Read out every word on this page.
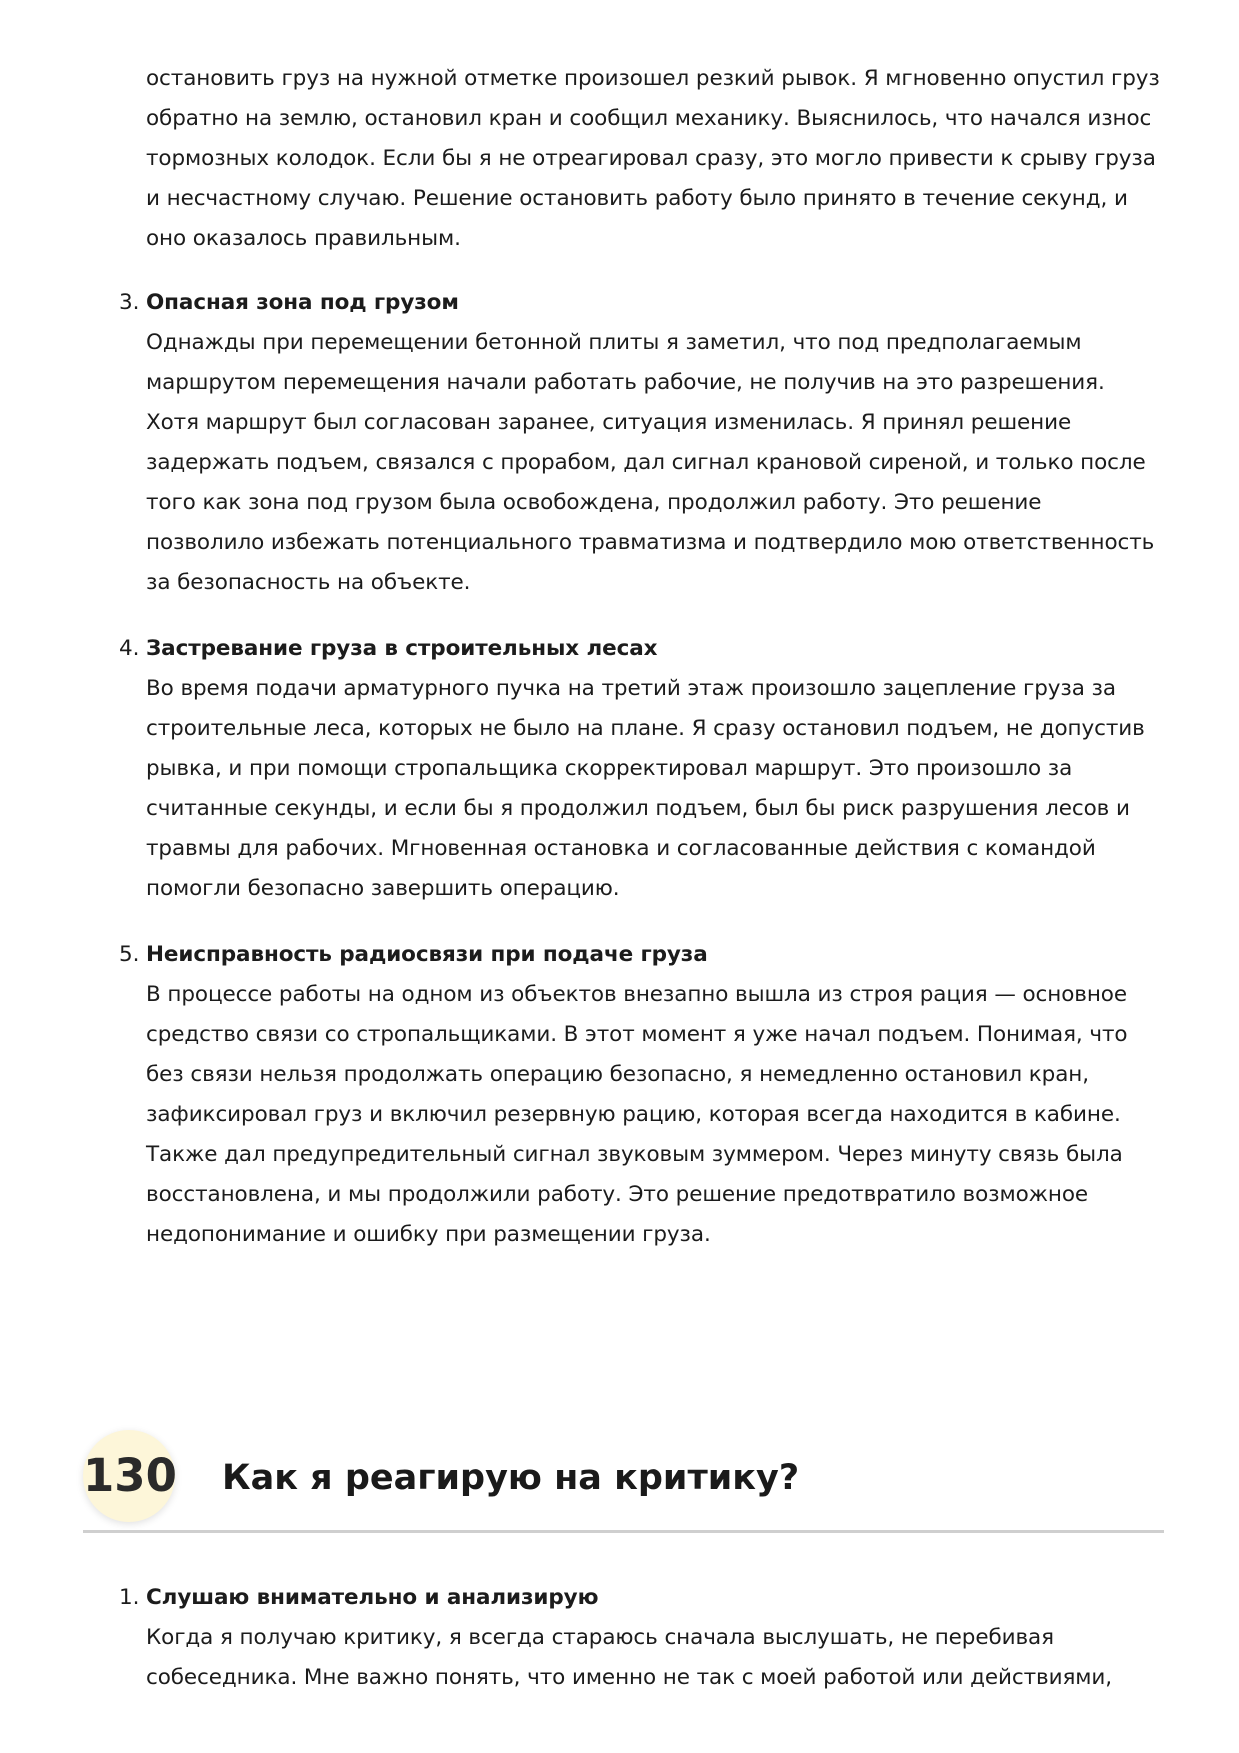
остановить груз на нужной отметке произошел резкий рывок. Я мгновенно опустил груз обратно на землю, остановил кран и сообщил механику. Выяснилось, что начался износ тормозных колодок. Если бы я не отреагировал сразу, это могло привести к срыву груза и несчастному случаю. Решение остановить работу было принято в течение секунд, и оно оказалось правильным.

3. Опасная зона под грузом

Однажды при перемещении бетонной плиты я заметил, что под предполагаемым маршрутом перемещения начали работать рабочие, не получив на это разрешения. Хотя маршрут был согласован заранее, ситуация изменилась. Я принял решение задержать подъем, связался с прорабом, дал сигнал крановой сиреной, и только после того как зона под грузом была освобождена, продолжил работу. Это решение позволило избежать потенциального травматизма и подтвердило мою ответственность за безопасность на объекте.

4. Застревание груза в строительных лесах

Во время подачи арматурного пучка на третий этаж произошло зацепление груза за строительные леса, которых не было на плане. Я сразу остановил подъем, не допустив рывка, и при помощи стропальщика скорректировал маршрут. Это произошло за считанные секунды, и если бы я продолжил подъем, был бы риск разрушения лесов и травмы для рабочих. Мгновенная остановка и согласованные действия с командой помогли безопасно завершить операцию.

5. Неисправность радиосвязи при подаче груза

В процессе работы на одном из объектов внезапно вышла из строя рация — основное средство связи со стропальщиками. В этот момент я уже начал подъем. Понимая, что без связи нельзя продолжать операцию безопасно, я немедленно остановил кран, зафиксировал груз и включил резервную рацию, которая всегда находится в кабине. Также дал предупредительный сигнал звуковым зуммером. Через минуту связь была восстановлена, и мы продолжили работу. Это решение предотвратило возможное недопонимание и ошибку при размещении груза.

130 Как я реагирую на критику?
1. Слушаю внимательно и анализирую

Когда я получаю критику, я всегда стараюсь сначала выслушать, не перебивая собеседника. Мне важно понять, что именно не так с моей работой или действиями,
